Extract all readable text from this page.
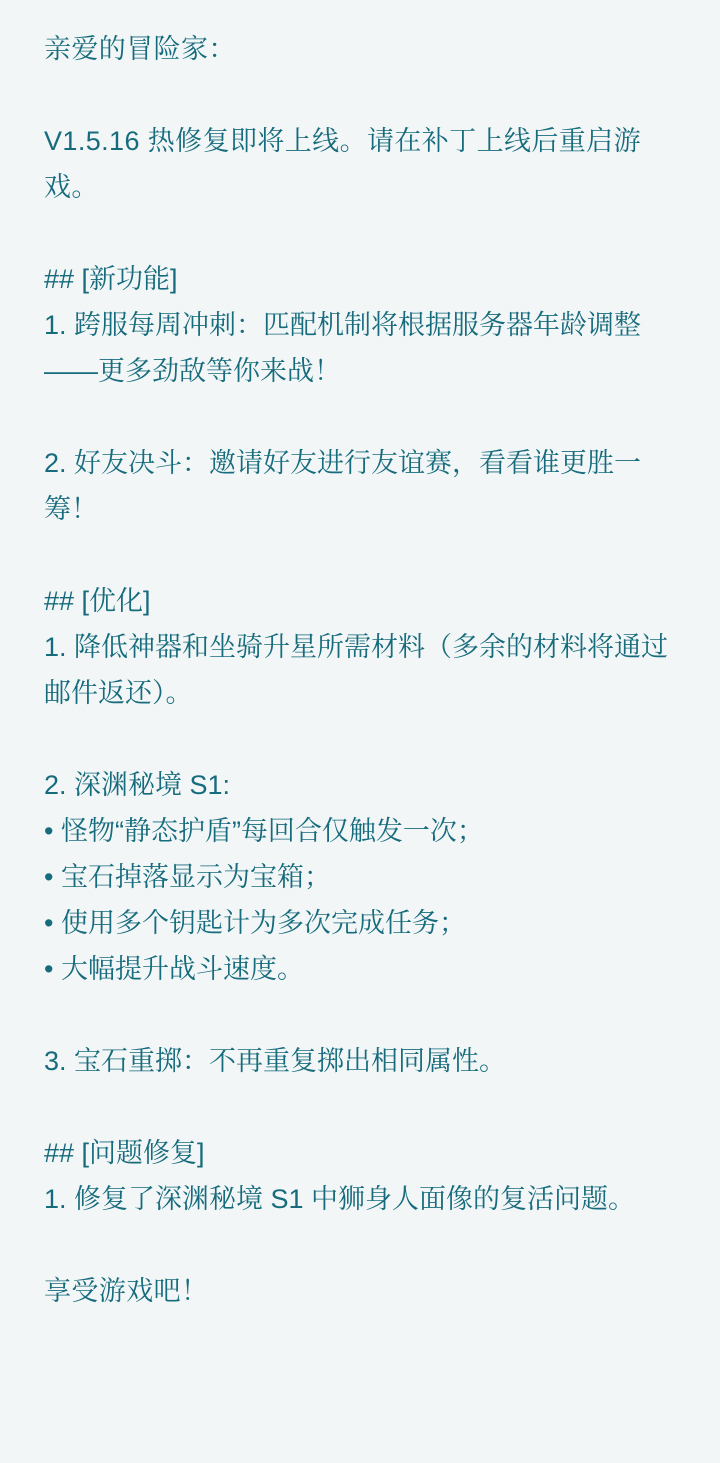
亲爱的冒险家：
V1.5.16 热修复即将上线。请在补丁上线后重启游戏。
## [新功能]
1. 跨服每周冲刺：匹配机制将根据服务器年龄调整——更多劲敌等你来战！
2. 好友决斗：邀请好友进行友谊赛，看看谁更胜一筹！
## [优化]
1. 降低神器和坐骑升星所需材料（多余的材料将通过邮件返还）。
2. 深渊秘境 S1:
• 怪物“静态护盾”每回合仅触发一次；
• 宝石掉落显示为宝箱；
• 使用多个钥匙计为多次完成任务；
• 大幅提升战斗速度。
3. 宝石重掷：不再重复掷出相同属性。
## [问题修复]
1. 修复了深渊秘境 S1 中狮身人面像的复活问题。
享受游戏吧！
